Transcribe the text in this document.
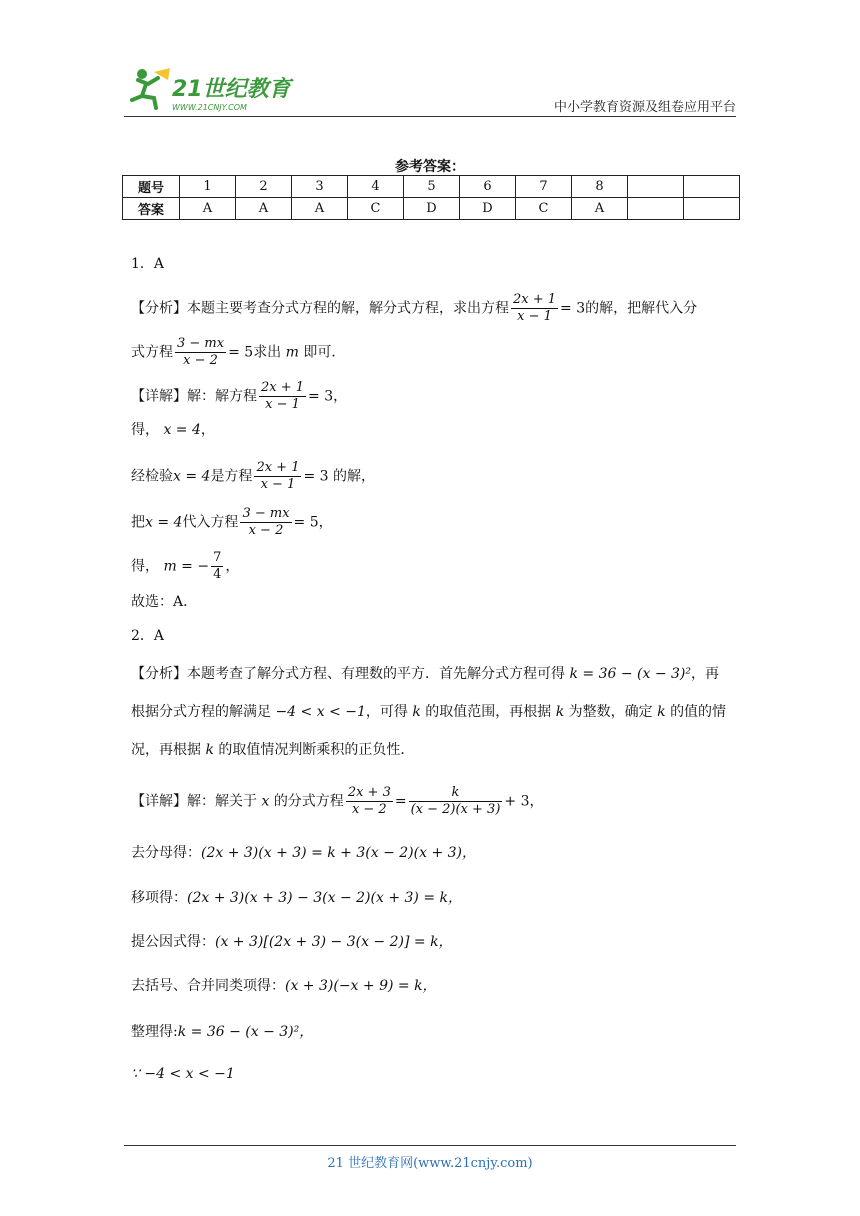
21世纪教育
WWW.21CNJY.COM	中小学教育资源及组卷应用平台
参考答案：
题号	1	2	3	4	5	6	7	8		
答案	A	A	A	C	D	D	C	A		
1．A
【分析】本题主要考查分式方程的解，解分式方程，求出方程 $\frac{2x + 1}{x - 1} = 3$的解，把解代入分
式方程 $\frac{3 - mx}{x - 2} = 5$求出 m 即可．
【详解】解：解方程 $\frac{2x + 1}{x - 1} = 3$，
得， x = 4，
经检验x = 4是方程 $\frac{2x + 1}{x - 1} = 3$ 的解，
把x = 4代入方程 $\frac{3 - mx}{x - 2} = 5$，
得， m = − $\frac{7}{4}$ ，
故选：A．
2．A
【分析】本题考查了解分式方程、有理数的平方．首先解分式方程可得 k = 36 − (x − 3)²，再
根据分式方程的解满足 −4 < x < −1，可得 k 的取值范围，再根据 k 为整数，确定 k 的值的情
况，再根据 k 的取值情况判断乘积的正负性．
【详解】解：解关于 x 的分式方程 $\frac{2x + 3}{x - 2} = \frac{k}{(x - 2)(x + 3)} + 3$，
去分母得：(2x + 3)(x + 3) = k + 3(x − 2)(x + 3)，
移项得：(2x + 3)(x + 3) − 3(x − 2)(x + 3) = k，
提公因式得：(x + 3)[(2x + 3) − 3(x − 2)] = k，
去括号、合并同类项得：(x + 3)(−x + 9) = k，
整理得:k = 36 − (x − 3)²，
∵ −4 < x < −1
21 世纪教育网(www.21cnjy.com)
